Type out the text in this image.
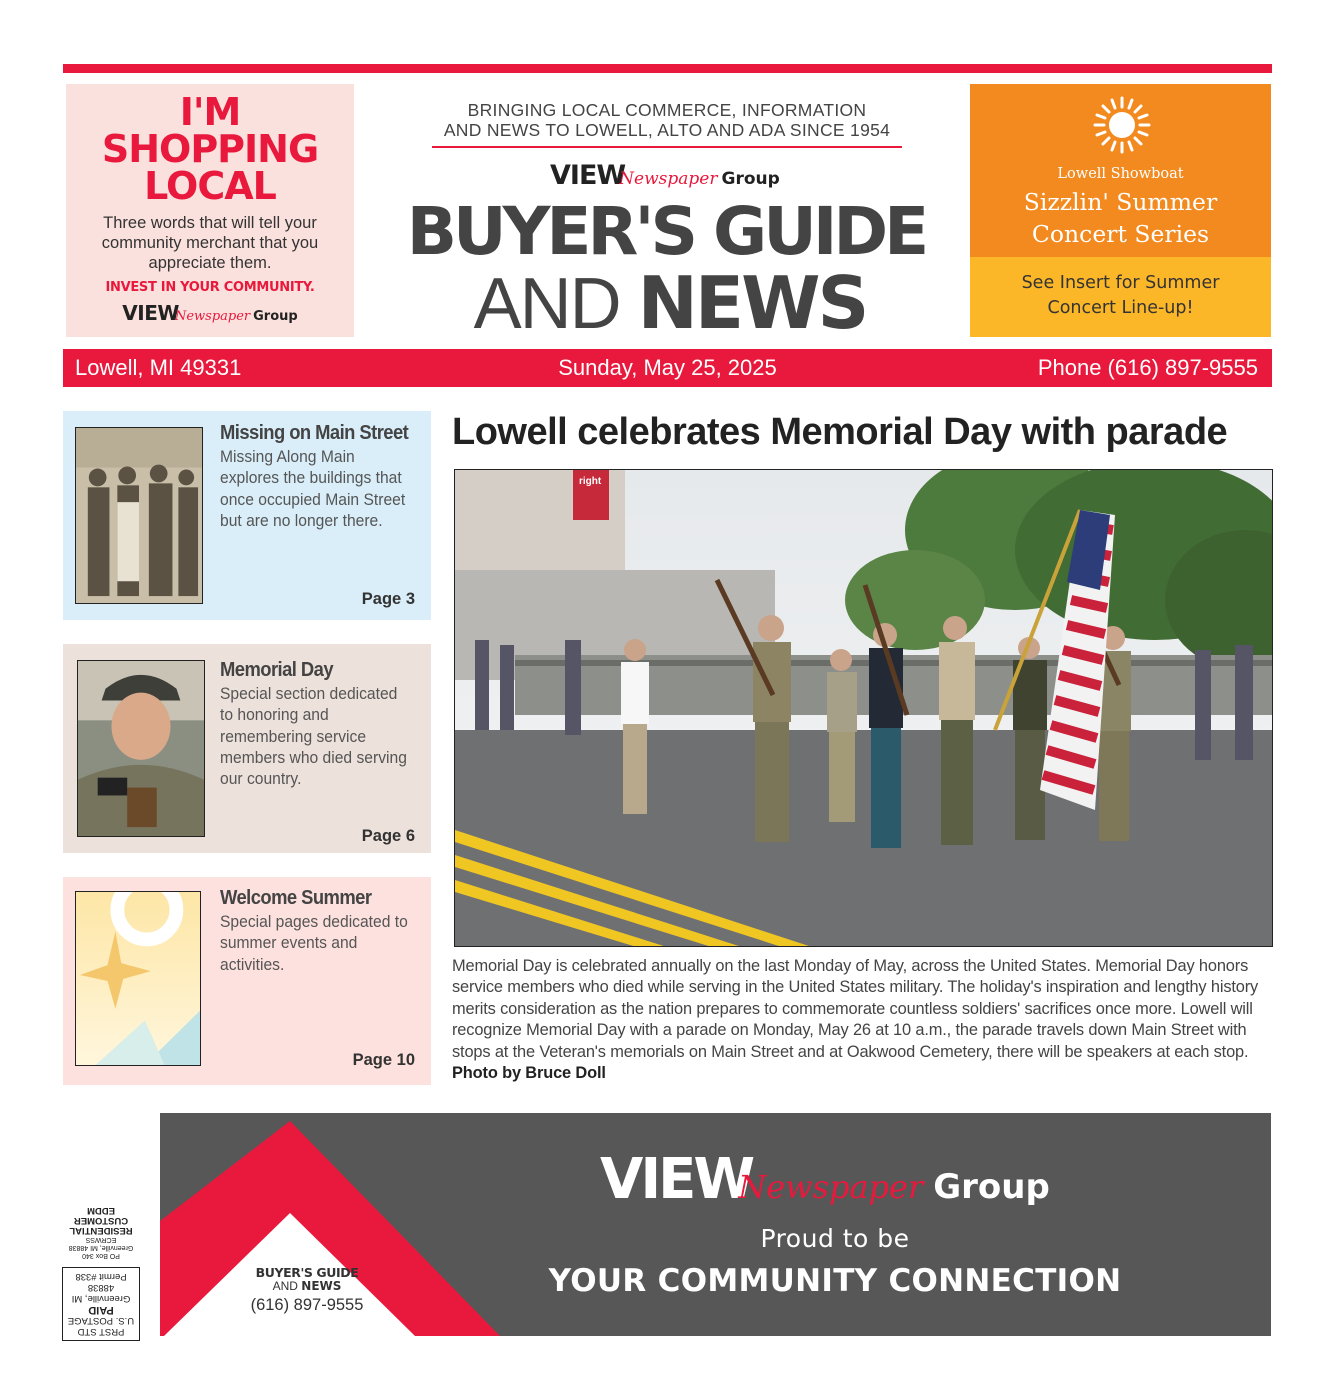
I'M
SHOPPING
LOCAL
Three words that will tell your community merchant that you appreciate them.
INVEST IN YOUR COMMUNITY.
VIEW
Newspaper Group
BRINGING LOCAL COMMERCE, INFORMATION
AND NEWS TO LOWELL, ALTO AND ADA SINCE 1954
VIEW
Newspaper Group
BUYER'S GUIDE
AND NEWS
Lowell Showboat
Sizzlin' Summer
Concert Series
See Insert for Summer
Concert Line-up!
Lowell, MI 49331	Sunday, May 25, 2025	Phone (616) 897-9555
Missing on Main Street
Missing Along Main explores the buildings that once occupied Main Street but are no longer there.
Page 3
Memorial Day
Special section dedicated to honoring and remembering service members who died serving our country.
Page 6
Welcome Summer
Special pages dedicated to summer events and activities.
Page 10
Lowell celebrates Memorial Day with parade
right
Memorial Day is celebrated annually on the last Monday of May, across the United States. Memorial Day honors service members who died while serving in the United States military. The holiday's inspiration and lengthy history merits consideration as the nation prepares to commemorate countless soldiers' sacrifices once more. Lowell will recognize Memorial Day with a parade on Monday, May 26 at 10 a.m., the parade travels down Main Street with stops at the Veteran's memorials on Main Street and at Oakwood Cemetery, there will be speakers at each stop. Photo by Bruce Doll
BUYER'S GUIDE
AND NEWS
(616) 897-9555
VIEW
Newspaper Group
Proud to be
YOUR COMMUNITY CONNECTION
PRST STD
U.S. POSTAGE
PAID
Greenville, MI
48838
Permit #338
PO Box 340
Greenville, MI 48838
ECRWSS
RESIDENTIAL
CUSTOMER
EDDM
